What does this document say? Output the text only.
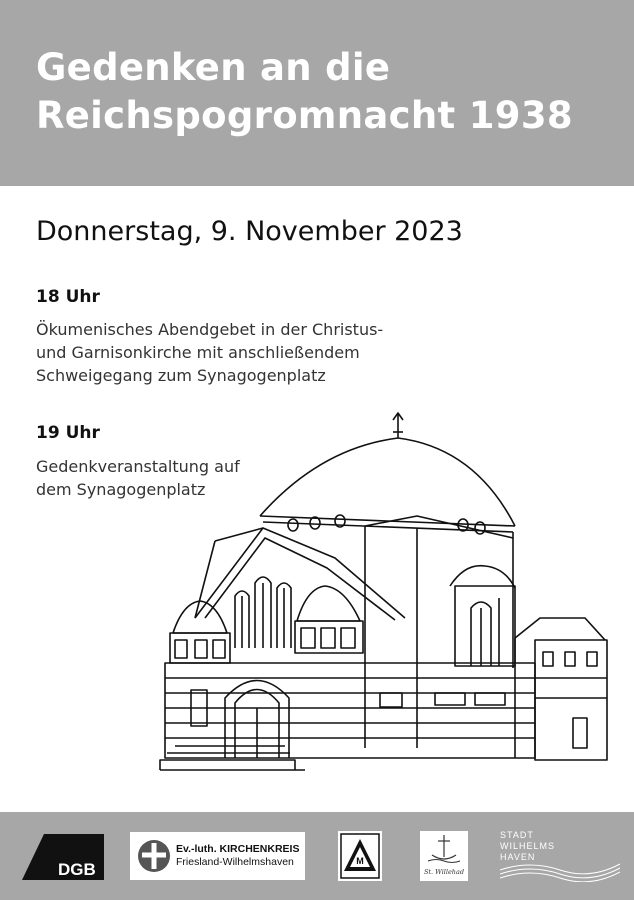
Gedenken an die
Reichspogromnacht 1938
Donnerstag, 9. November 2023

18 Uhr

Ökumenisches Abendgebet in der Christus-
und Garnisonkirche mit anschließendem
Schweigegang zum Synagogenplatz

19 Uhr

Gedenkveranstaltung auf
dem Synagogenplatz

DGB
Ev.-luth. KIRCHENKREIS
Friesland-Wilhelmshaven	M
St. Willehad
STADT
WILHELMS
HAVEN
